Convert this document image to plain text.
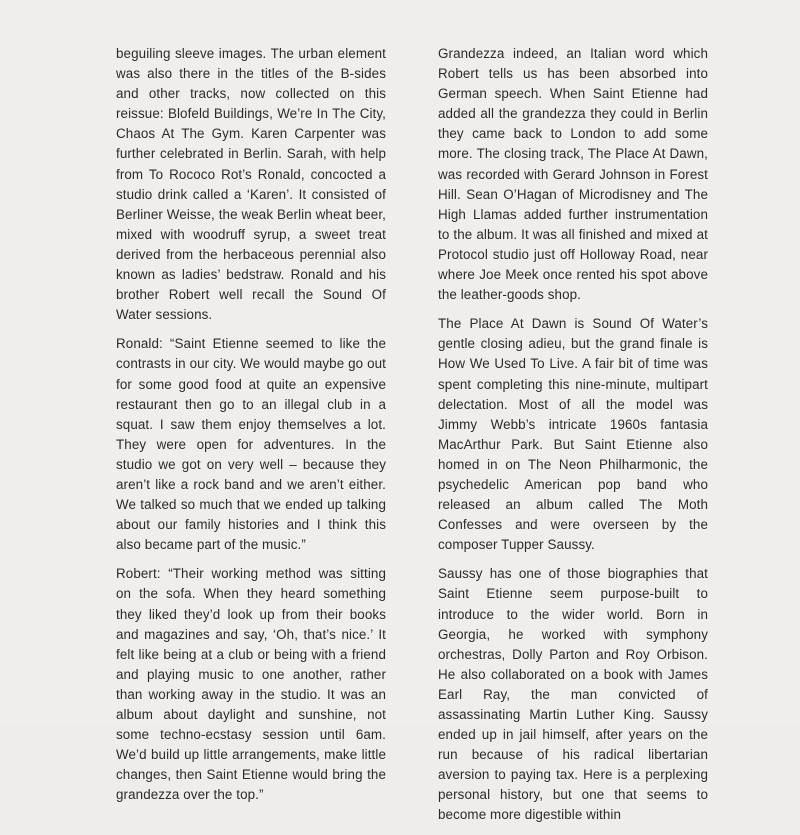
beguiling sleeve images. The urban element was also there in the titles of the B-sides and other tracks, now collected on this reissue: Blofeld Buildings, We’re In The City, Chaos At The Gym. Karen Carpenter was further celebrated in Berlin. Sarah, with help from To Rococo Rot’s Ronald, concocted a studio drink called a ‘Karen’. It consisted of Berliner Weisse, the weak Berlin wheat beer, mixed with woodruff syrup, a sweet treat derived from the herbaceous perennial also known as ladies’ bedstraw. Ronald and his brother Robert well recall the Sound Of Water sessions.

Ronald: “Saint Etienne seemed to like the contrasts in our city. We would maybe go out for some good food at quite an expensive restaurant then go to an illegal club in a squat. I saw them enjoy themselves a lot. They were open for adventures. In the studio we got on very well – because they aren’t like a rock band and we aren’t either. We talked so much that we ended up talking about our family histories and I think this also became part of the music.”

Robert: “Their working method was sitting on the sofa. When they heard something they liked they’d look up from their books and magazines and say, ‘Oh, that’s nice.’ It felt like being at a club or being with a friend and playing music to one another, rather than working away in the studio. It was an album about daylight and sunshine, not some techno-ecstasy session until 6am. We’d build up little arrangements, make little changes, then Saint Etienne would bring the grandezza over the top.”

Grandezza indeed, an Italian word which Robert tells us has been absorbed into German speech. When Saint Etienne had added all the grandezza they could in Berlin they came back to London to add some more. The closing track, The Place At Dawn, was recorded with Gerard Johnson in Forest Hill. Sean O’Hagan of Microdisney and The High Llamas added further instrumentation to the album. It was all finished and mixed at Protocol studio just off Holloway Road, near where Joe Meek once rented his spot above the leather-goods shop.

The Place At Dawn is Sound Of Water’s gentle closing adieu, but the grand finale is How We Used To Live. A fair bit of time was spent completing this nine-minute, multipart delectation. Most of all the model was Jimmy Webb’s intricate 1960s fantasia MacArthur Park. But Saint Etienne also homed in on The Neon Philharmonic, the psychedelic American pop band who released an album called The Moth Confesses and were overseen by the composer Tupper Saussy.

Saussy has one of those biographies that Saint Etienne seem purpose-built to introduce to the wider world. Born in Georgia, he worked with symphony orchestras, Dolly Parton and Roy Orbison. He also collaborated on a book with James Earl Ray, the man convicted of assassinating Martin Luther King. Saussy ended up in jail himself, after years on the run because of his radical libertarian aversion to paying tax. Here is a perplexing personal history, but one that seems to become more digestible within
